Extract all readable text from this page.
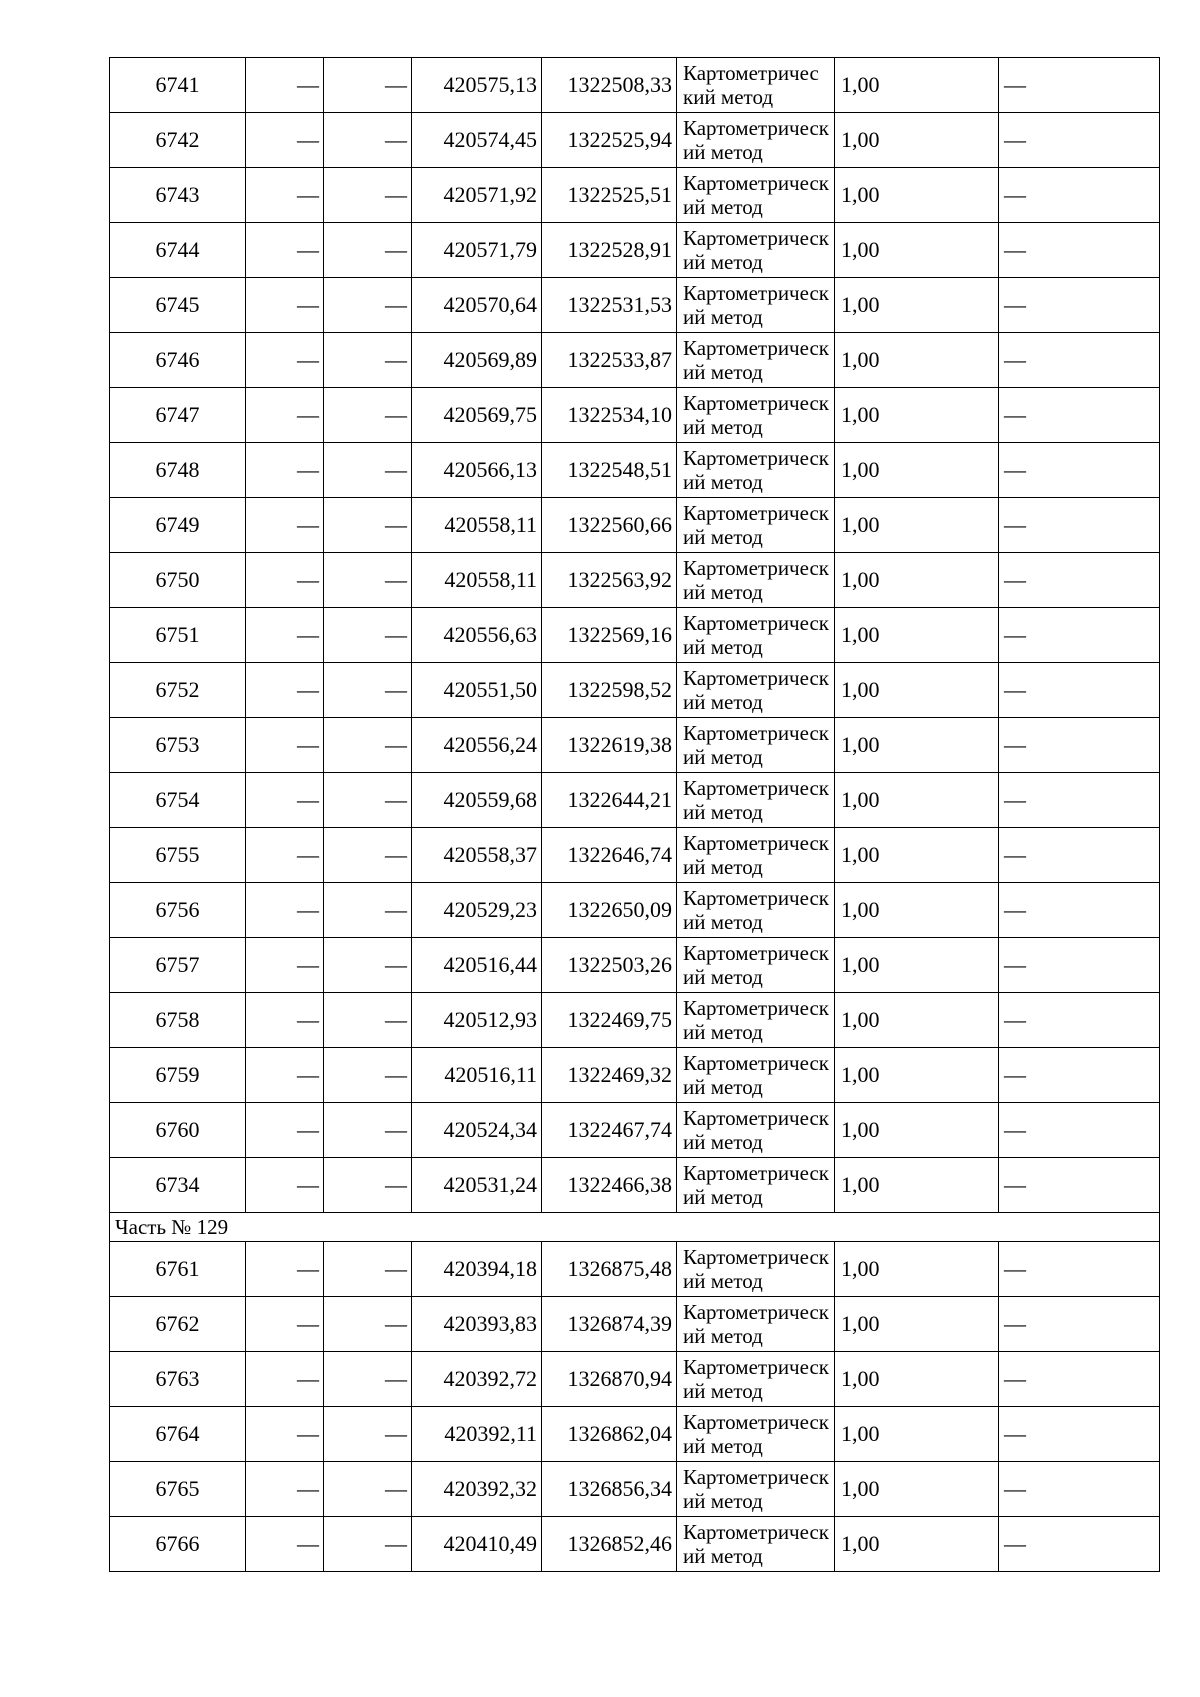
6741	—	—	420575,13	1322508,33	Картометрический метод	1,00	—
6742	—	—	420574,45	1322525,94	Картометрический метод	1,00	—
6743	—	—	420571,92	1322525,51	Картометрический метод	1,00	—
6744	—	—	420571,79	1322528,91	Картометрический метод	1,00	—
6745	—	—	420570,64	1322531,53	Картометрический метод	1,00	—
6746	—	—	420569,89	1322533,87	Картометрический метод	1,00	—
6747	—	—	420569,75	1322534,10	Картометрический метод	1,00	—
6748	—	—	420566,13	1322548,51	Картометрический метод	1,00	—
6749	—	—	420558,11	1322560,66	Картометрический метод	1,00	—
6750	—	—	420558,11	1322563,92	Картометрический метод	1,00	—
6751	—	—	420556,63	1322569,16	Картометрический метод	1,00	—
6752	—	—	420551,50	1322598,52	Картометрический метод	1,00	—
6753	—	—	420556,24	1322619,38	Картометрический метод	1,00	—
6754	—	—	420559,68	1322644,21	Картометрический метод	1,00	—
6755	—	—	420558,37	1322646,74	Картометрический метод	1,00	—
6756	—	—	420529,23	1322650,09	Картометрический метод	1,00	—
6757	—	—	420516,44	1322503,26	Картометрический метод	1,00	—
6758	—	—	420512,93	1322469,75	Картометрический метод	1,00	—
6759	—	—	420516,11	1322469,32	Картометрический метод	1,00	—
6760	—	—	420524,34	1322467,74	Картометрический метод	1,00	—
6734	—	—	420531,24	1322466,38	Картометрический метод	1,00	—
Часть № 129							
6761	—	—	420394,18	1326875,48	Картометрический метод	1,00	—
6762	—	—	420393,83	1326874,39	Картометрический метод	1,00	—
6763	—	—	420392,72	1326870,94	Картометрический метод	1,00	—
6764	—	—	420392,11	1326862,04	Картометрический метод	1,00	—
6765	—	—	420392,32	1326856,34	Картометрический метод	1,00	—
6766	—	—	420410,49	1326852,46	Картометрический метод	1,00	—
